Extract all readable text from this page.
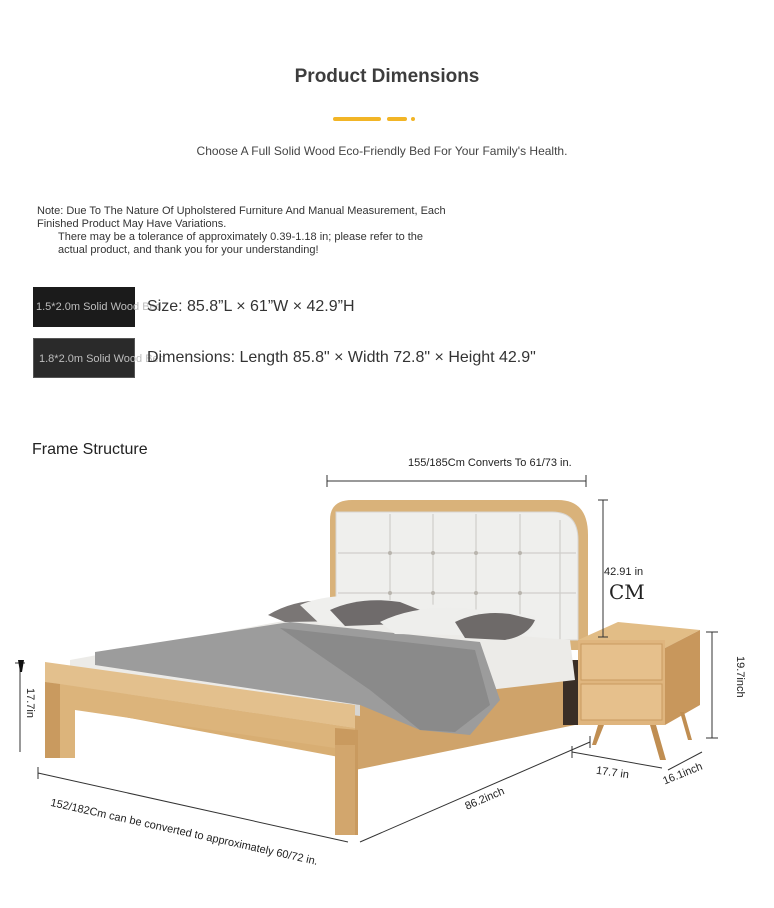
Product Dimensions
Choose A Full Solid Wood Eco-Friendly Bed For Your Family's Health.
Note: Due To The Nature Of Upholstered Furniture And Manual Measurement, Each
Finished Product May Have Variations.
There may be a tolerance of approximately 0.39-1.18 in; please refer to the
actual product, and thank you for your understanding!
1.5*2.0m Solid Wood Bed
Size: 85.8”L × 61”W × 42.9”H
1.8*2.0m Solid Wood Bed
Dimensions: Length 85.8" × Width 72.8" × Height 42.9"
Frame Structure
155/185Cm Converts To 61/73 in.
42.91 in
CM
17.7in
19.7inch
17.7 in	16.1inch
86.2inch
152/182Cm can be converted to approximately 60/72 in.
